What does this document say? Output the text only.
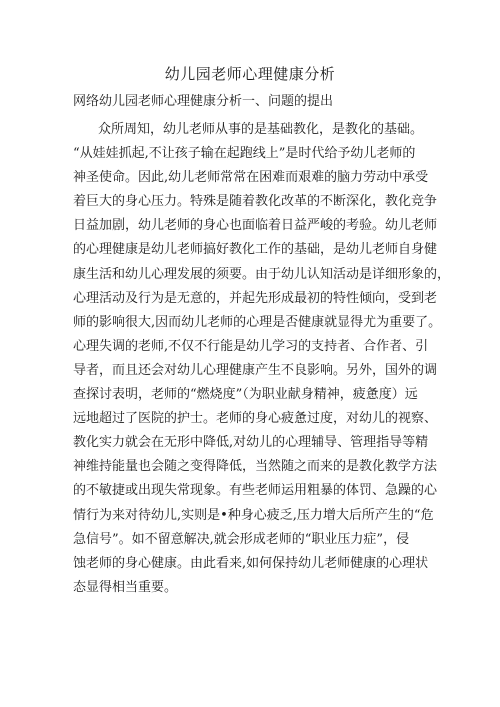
幼儿园老师心理健康分析
网络幼儿园老师心理健康分析一、问题的提出
众所周知，幼儿老师从事的是基础教化，是教化的基础。
“从娃娃抓起,不让孩子输在起跑线上”是时代给予幼儿老师的
神圣使命。因此,幼儿老师常常在困难而艰难的脑力劳动中承受
着巨大的身心压力。特殊是随着教化改革的不断深化，教化竞争
日益加剧，幼儿老师的身心也面临着日益严峻的考验。幼儿老师
的心理健康是幼儿老师搞好教化工作的基础，是幼儿老师自身健
康生活和幼儿心理发展的须要。由于幼儿认知活动是详细形象的，
心理活动及行为是无意的，并起先形成最初的特性倾向，受到老
师的影响很大,因而幼儿老师的心理是否健康就显得尤为重要了。
心理失调的老师,不仅不行能是幼儿学习的支持者、合作者、引
导者，而且还会对幼儿心理健康产生不良影响。另外，国外的调
查探讨表明，老师的“燃烧度”（为职业献身精神，疲惫度）远
远地超过了医院的护士。老师的身心疲惫过度，对幼儿的视察、
教化实力就会在无形中降低,对幼儿的心理辅导、管理指导等精
神维持能量也会随之变得降低，当然随之而来的是教化教学方法
的不敏捷或出现失常现象。有些老师运用粗暴的体罚、急躁的心
情行为来对待幼儿,实则是•种身心疲乏,压力增大后所产生的“危
急信号”。如不留意解决,就会形成老师的“职业压力症”，侵
蚀老师的身心健康。由此看来,如何保持幼儿老师健康的心理状
态显得相当重要。
